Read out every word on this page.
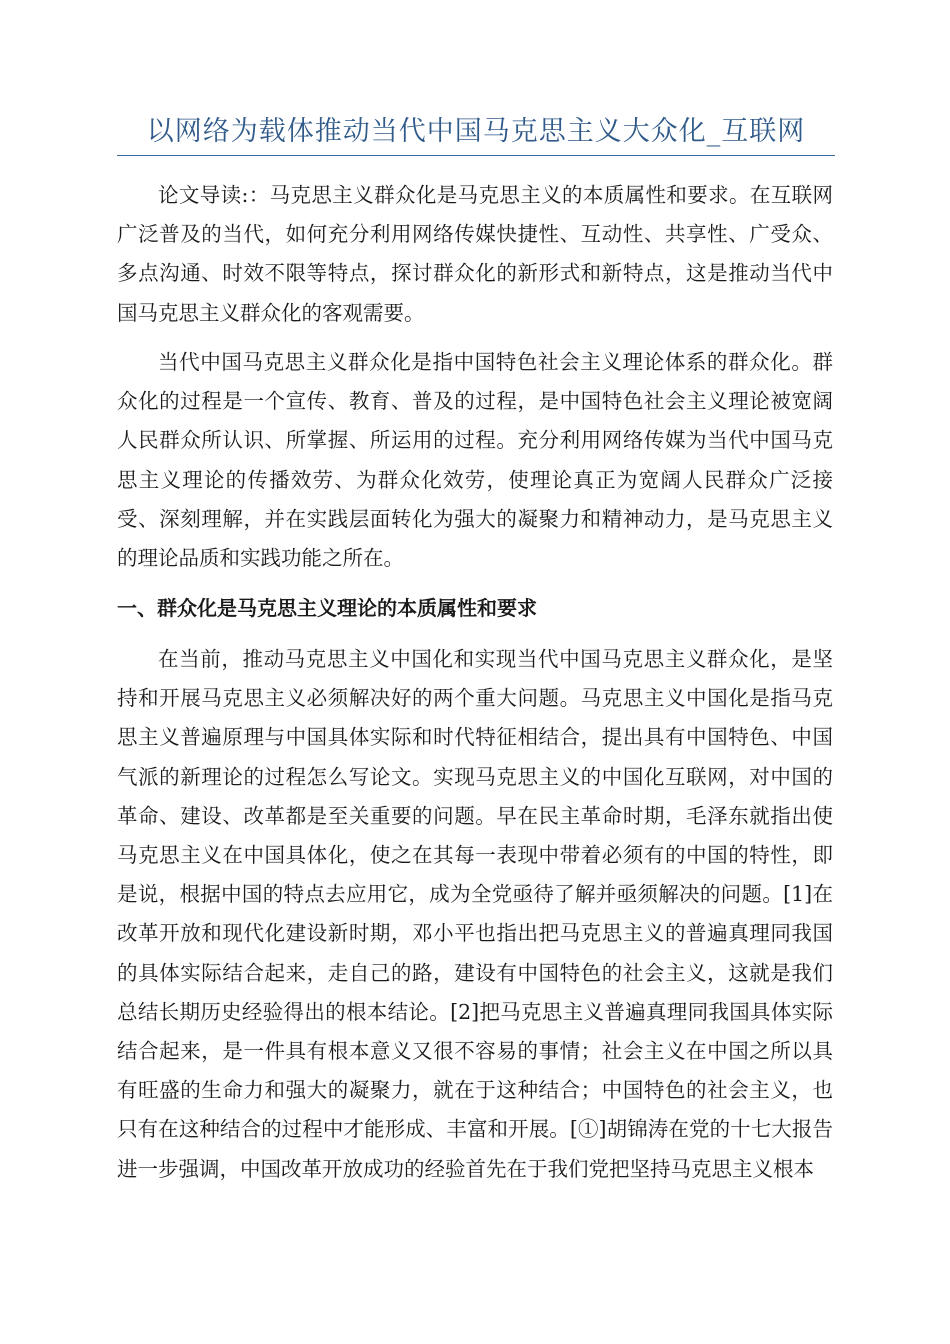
以网络为载体推动当代中国马克思主义大众化_互联网

论文导读:：马克思主义群众化是马克思主义的本质属性和要求。在互联网广泛普及的当代，如何充分利用网络传媒快捷性、互动性、共享性、广受众、多点沟通、时效不限等特点，探讨群众化的新形式和新特点，这是推动当代中国马克思主义群众化的客观需要。

当代中国马克思主义群众化是指中国特色社会主义理论体系的群众化。群众化的过程是一个宣传、教育、普及的过程，是中国特色社会主义理论被宽阔人民群众所认识、所掌握、所运用的过程。充分利用网络传媒为当代中国马克思主义理论的传播效劳、为群众化效劳，使理论真正为宽阔人民群众广泛接受、深刻理解，并在实践层面转化为强大的凝聚力和精神动力，是马克思主义的理论品质和实践功能之所在。

一、群众化是马克思主义理论的本质属性和要求

在当前，推动马克思主义中国化和实现当代中国马克思主义群众化，是坚持和开展马克思主义必须解决好的两个重大问题。马克思主义中国化是指马克思主义普遍原理与中国具体实际和时代特征相结合，提出具有中国特色、中国气派的新理论的过程怎么写论文。实现马克思主义的中国化互联网，对中国的革命、建设、改革都是至关重要的问题。早在民主革命时期，毛泽东就指出使马克思主义在中国具体化，使之在其每一表现中带着必须有的中国的特性，即是说，根据中国的特点去应用它，成为全党亟待了解并亟须解决的问题。[1]在改革开放和现代化建设新时期，邓小平也指出把马克思主义的普遍真理同我国的具体实际结合起来，走自己的路，建设有中国特色的社会主义，这就是我们总结长期历史经验得出的根本结论。[2]把马克思主义普遍真理同我国具体实际结合起来，是一件具有根本意义又很不容易的事情；社会主义在中国之所以具有旺盛的生命力和强大的凝聚力，就在于这种结合；中国特色的社会主义，也只有在这种结合的过程中才能形成、丰富和开展。[①]胡锦涛在党的十七大报告进一步强调，中国改革开放成功的经验首先在于我们党把坚持马克思主义根本
